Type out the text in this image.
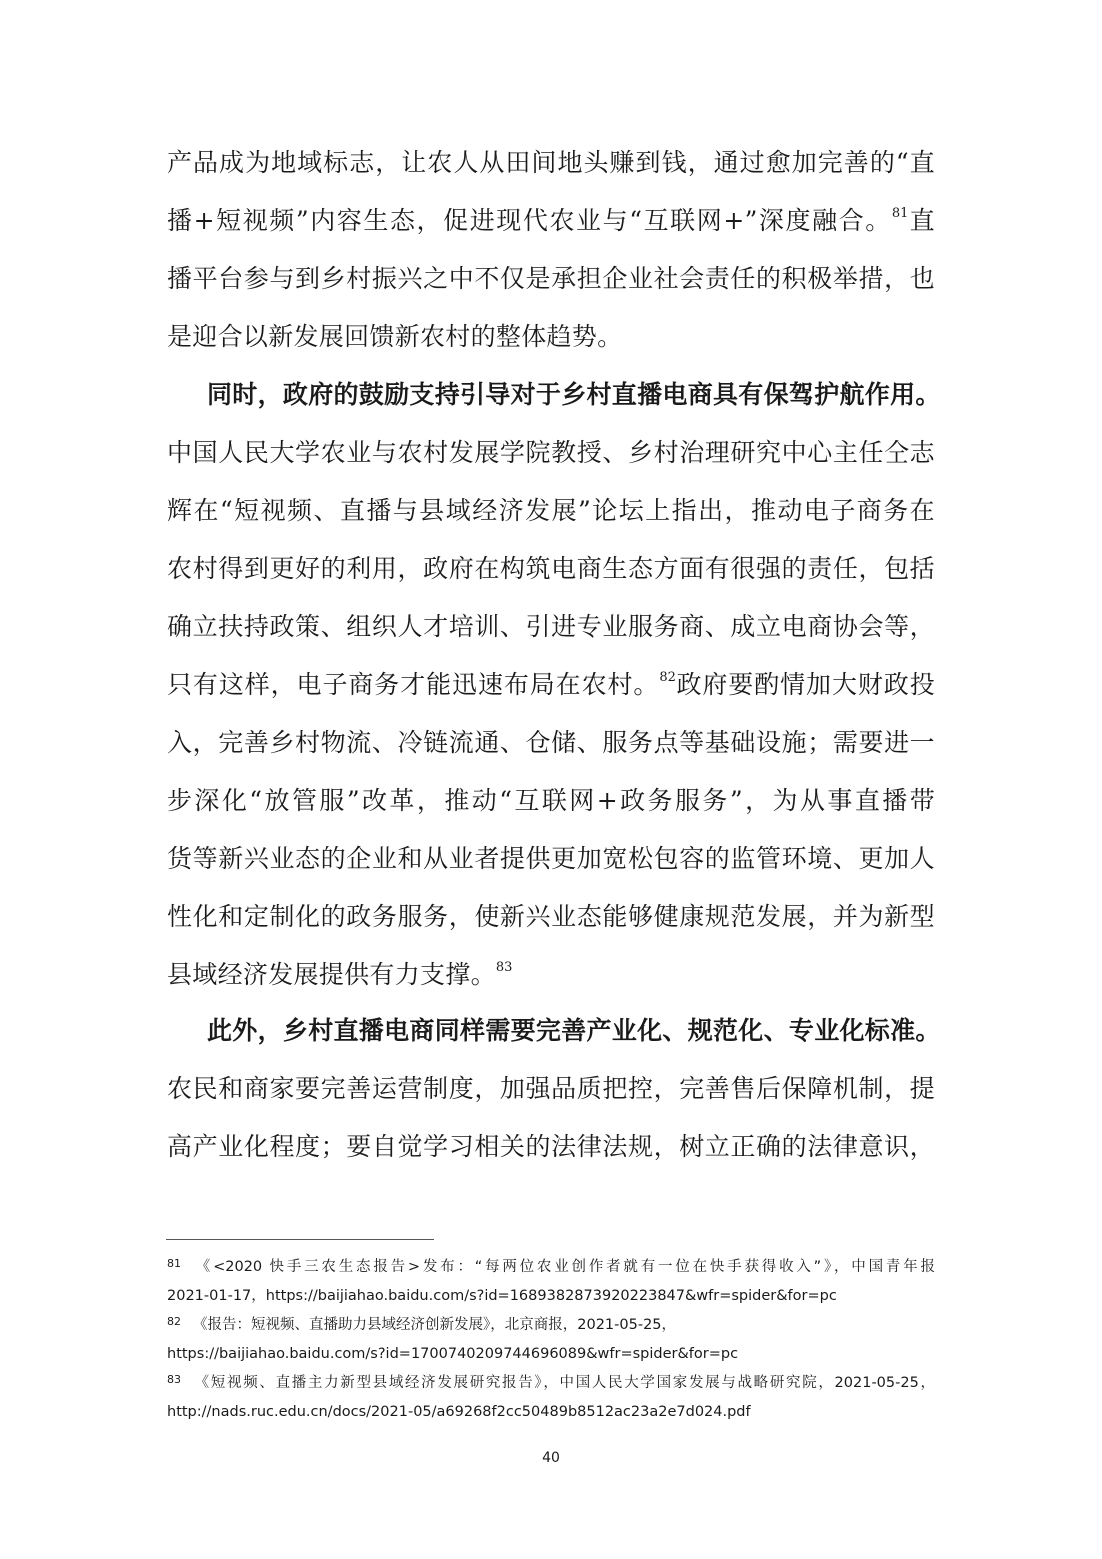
产品成为地域标志，让农人从田间地头赚到钱，通过愈加完善的“直
播+短视频”内容生态，促进现代农业与“互联网+”深度融合。$^{81}$直
播平台参与到乡村振兴之中不仅是承担企业社会责任的积极举措，也
是迎合以新发展回馈新农村的整体趋势。
同时，政府的鼓励支持引导对于乡村直播电商具有保驾护航作用。
中国人民大学农业与农村发展学院教授、乡村治理研究中心主任仝志
辉在“短视频、直播与县域经济发展”论坛上指出，推动电子商务在
农村得到更好的利用，政府在构筑电商生态方面有很强的责任，包括
确立扶持政策、组织人才培训、引进专业服务商、成立电商协会等，
只有这样，电子商务才能迅速布局在农村。$^{82}$政府要酌情加大财政投
入，完善乡村物流、冷链流通、仓储、服务点等基础设施；需要进一
步深化“放管服”改革，推动“互联网+政务服务”，为从事直播带
货等新兴业态的企业和从业者提供更加宽松包容的监管环境、更加人
性化和定制化的政务服务，使新兴业态能够健康规范发展，并为新型
县域经济发展提供有力支撑。$^{83}$
此外，乡村直播电商同样需要完善产业化、规范化、专业化标准。
农民和商家要完善运营制度，加强品质把控，完善售后保障机制，提
高产业化程度；要自觉学习相关的法律法规，树立正确的法律意识，
$^{81}$ 《<2020 快手三农生态报告>发布：“每两位农业创作者就有一位在快手获得收入”》，中国青年报
2021-01-17，https://baijiahao.baidu.com/s?id=1689382873920223847&wfr=spider&for=pc
$^{82}$ 《报告：短视频、直播助力县域经济创新发展》，北京商报，2021-05-25，
https://baijiahao.baidu.com/s?id=1700740209744696089&wfr=spider&for=pc
$^{83}$ 《短视频、直播主力新型县域经济发展研究报告》，中国人民大学国家发展与战略研究院，2021-05-25，
http://nads.ruc.edu.cn/docs/2021-05/a69268f2cc50489b8512ac23a2e7d024.pdf
40
